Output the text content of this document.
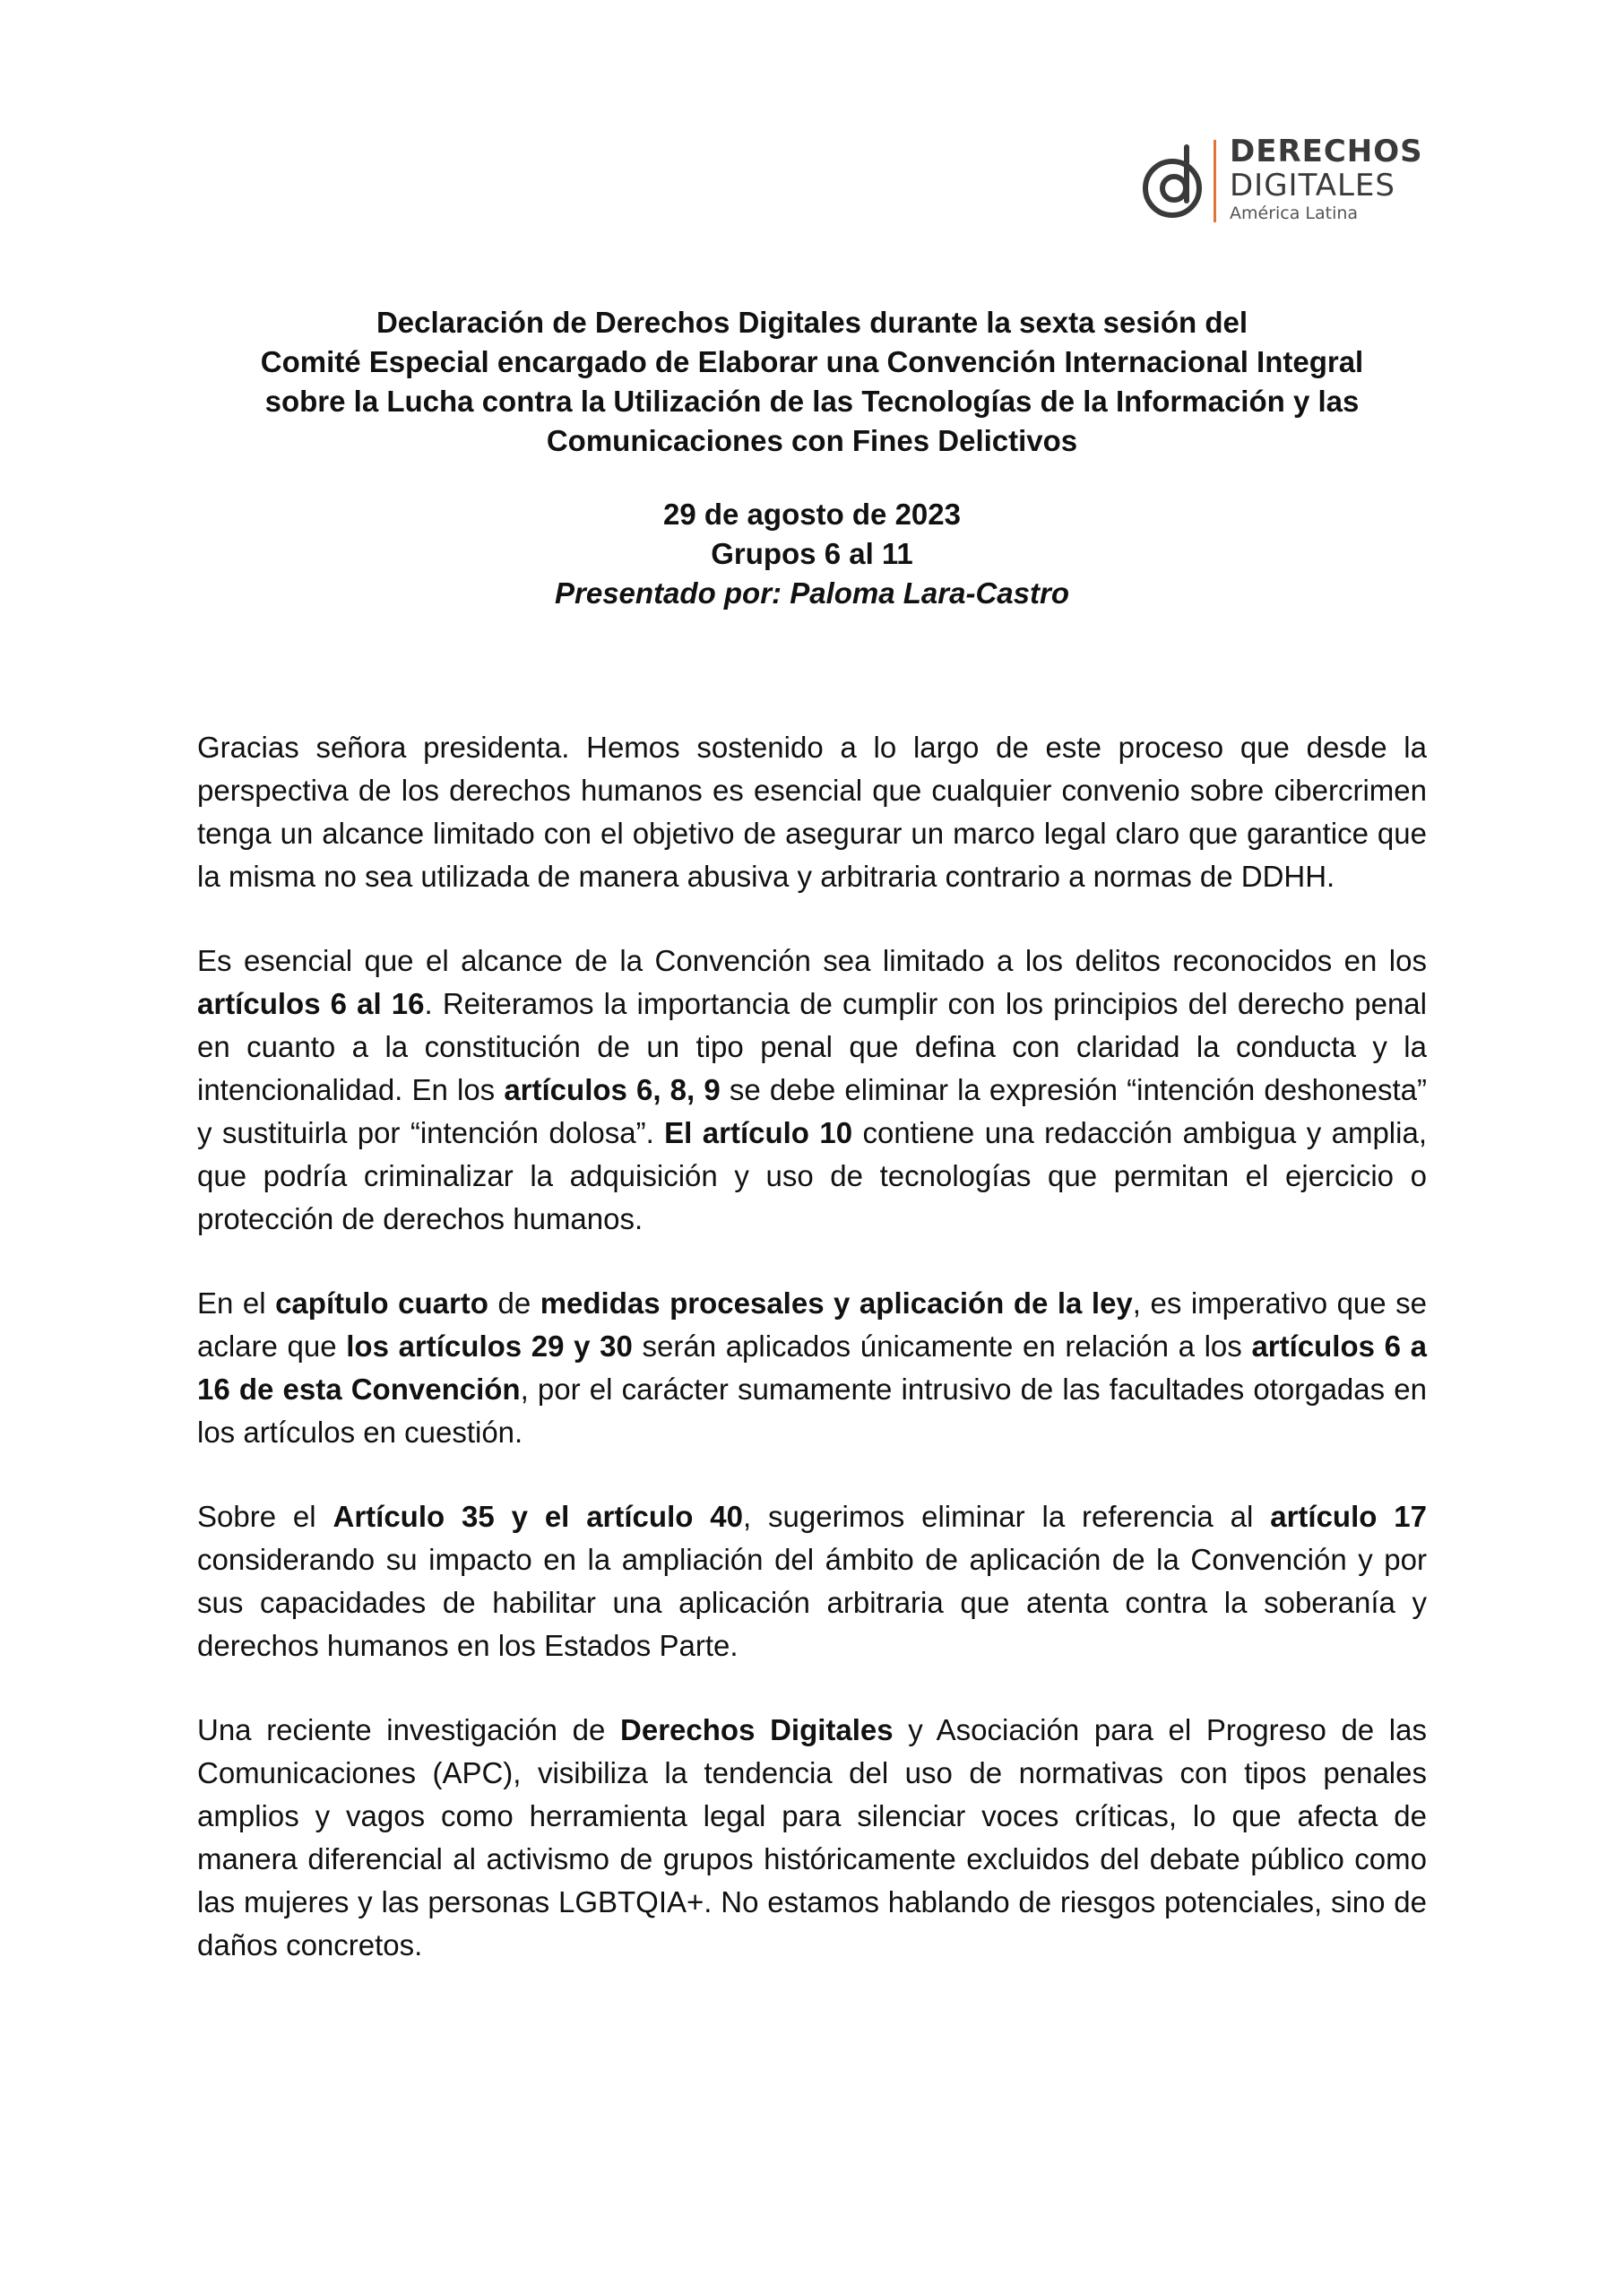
DERECHOS
DIGITALES
América Latina
Declaración de Derechos Digitales durante la sexta sesión del
Comité Especial encargado de Elaborar una Convención Internacional Integral
sobre la Lucha contra la Utilización de las Tecnologías de la Información y las
Comunicaciones con Fines Delictivos
29 de agosto de 2023
Grupos 6 al 11
Presentado por: Paloma Lara-Castro

Gracias señora presidenta. Hemos sostenido a lo largo de este proceso que desde la perspectiva de los derechos humanos es esencial que cualquier convenio sobre cibercrimen tenga un alcance limitado con el objetivo de asegurar un marco legal claro que garantice que la misma no sea utilizada de manera abusiva y arbitraria contrario a normas de DDHH.

Es esencial que el alcance de la Convención sea limitado a los delitos reconocidos en los artículos 6 al 16. Reiteramos la importancia de cumplir con los principios del derecho penal en cuanto a la constitución de un tipo penal que defina con claridad la conducta y la intencionalidad. En los artículos 6, 8, 9 se debe eliminar la expresión “intención deshonesta” y sustituirla por “intención dolosa”. El artículo 10 contiene una redacción ambigua y amplia, que podría criminalizar la adquisición y uso de tecnologías que permitan el ejercicio o protección de derechos humanos.

En el capítulo cuarto de medidas procesales y aplicación de la ley, es imperativo que se aclare que los artículos 29 y 30 serán aplicados únicamente en relación a los artículos 6 a 16 de esta Convención, por el carácter sumamente intrusivo de las facultades otorgadas en los artículos en cuestión.

Sobre el Artículo 35 y el artículo 40, sugerimos eliminar la referencia al artículo 17 considerando su impacto en la ampliación del ámbito de aplicación de la Convención y por sus capacidades de habilitar una aplicación arbitraria que atenta contra la soberanía y derechos humanos en los Estados Parte.

Una reciente investigación de Derechos Digitales y Asociación para el Progreso de las Comunicaciones (APC), visibiliza la tendencia del uso de normativas con tipos penales amplios y vagos como herramienta legal para silenciar voces críticas, lo que afecta de manera diferencial al activismo de grupos históricamente excluidos del debate público como las mujeres y las personas LGBTQIA+. No estamos hablando de riesgos potenciales, sino de daños concretos.
